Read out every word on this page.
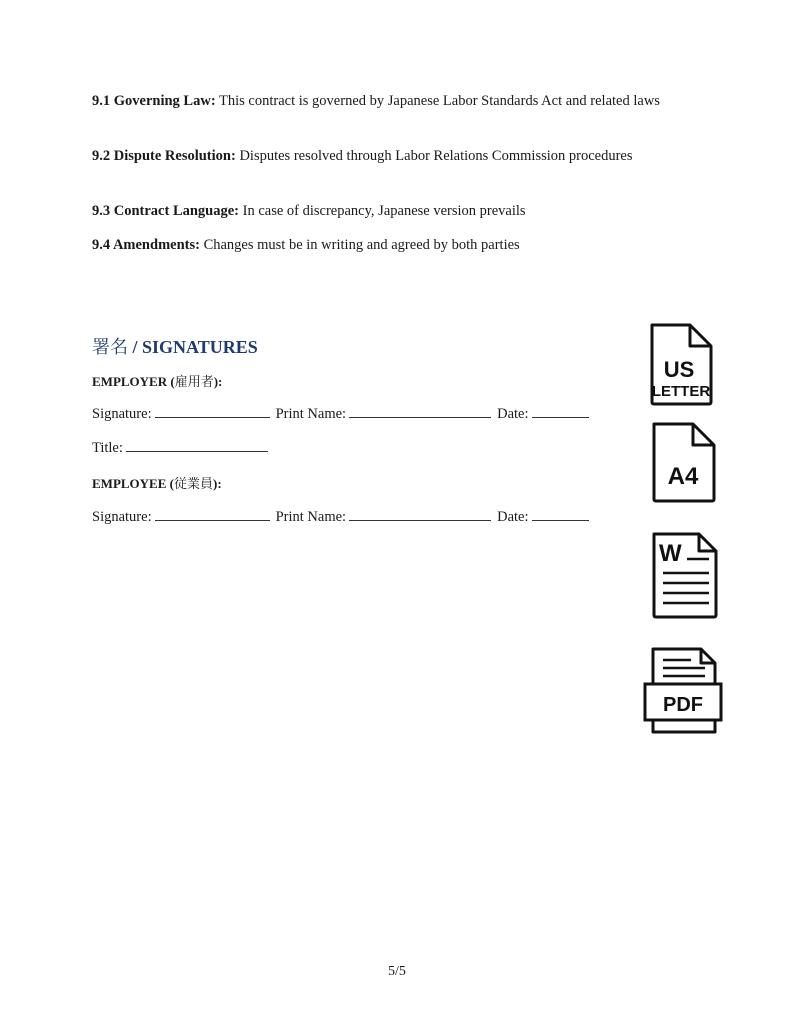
9.1 Governing Law: This contract is governed by Japanese Labor Standards Act and related laws

9.2 Dispute Resolution: Disputes resolved through Labor Relations Commission procedures

9.3 Contract Language: In case of discrepancy, Japanese version prevails

9.4 Amendments: Changes must be in writing and agreed by both parties

署名 / SIGNATURES

EMPLOYER (雇用者):

Signature:	Print Name:	Date:
Title:

EMPLOYEE (従業員):

Signature:	Print Name:	Date:
US
LETTER
A4
W
PDF
5/5
